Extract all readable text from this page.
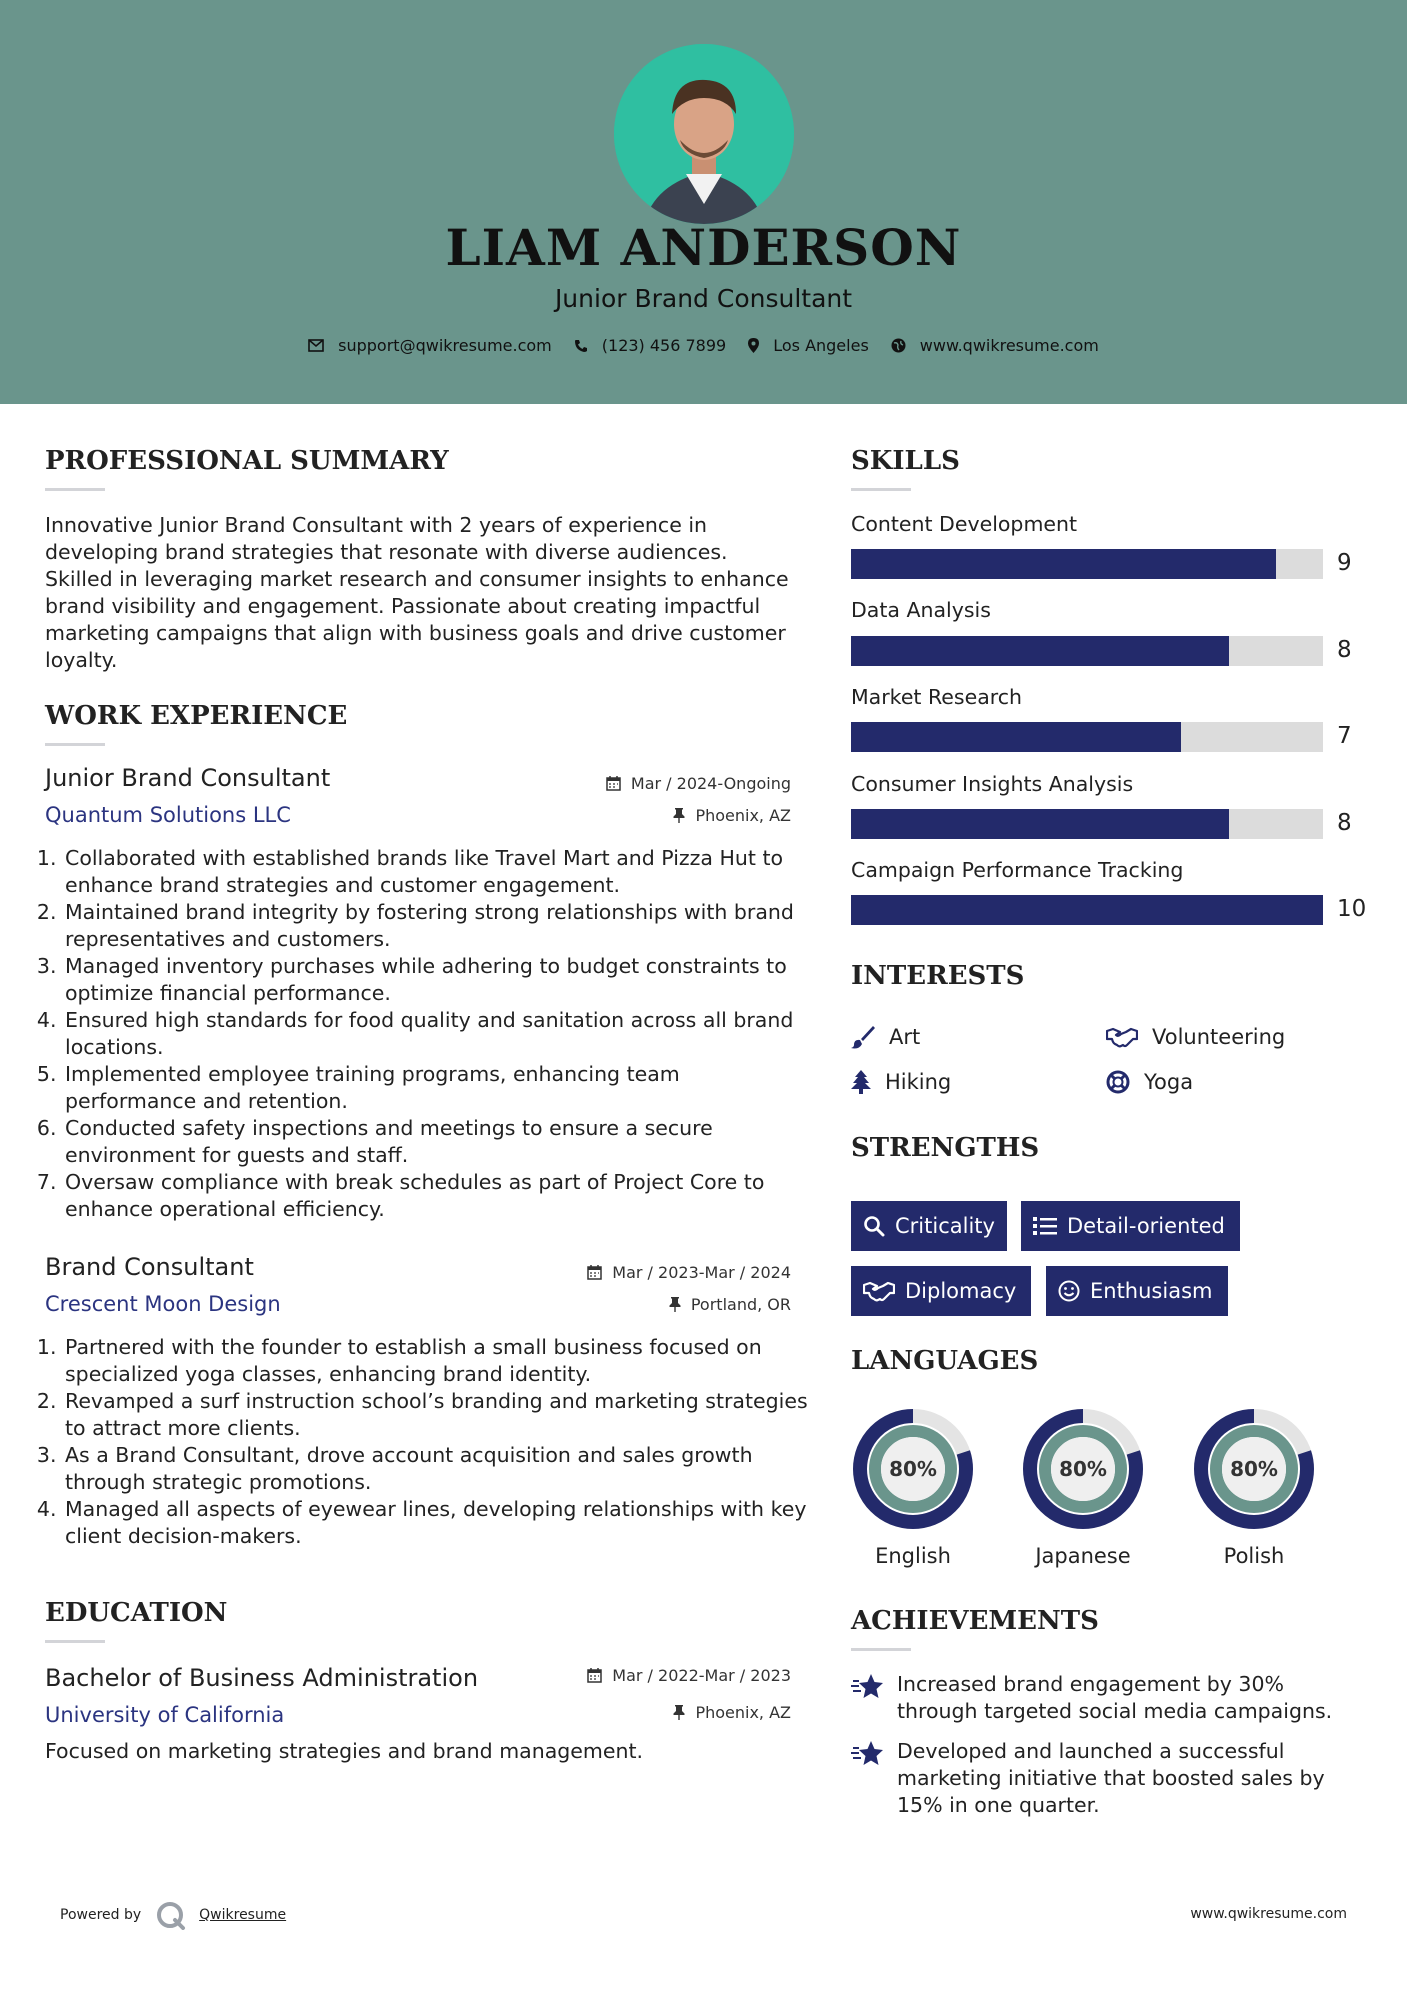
LIAM ANDERSON
Junior Brand Consultant
support@qwikresume.com	(123) 456 7899	Los Angeles	www.qwikresume.com
PROFESSIONAL SUMMARY
Innovative Junior Brand Consultant with 2 years of experience in developing brand strategies that resonate with diverse audiences. Skilled in leveraging market research and consumer insights to enhance brand visibility and engagement. Passionate about creating impactful marketing campaigns that align with business goals and drive customer loyalty.
WORK EXPERIENCE
Junior Brand Consultant	Mar / 2024-Ongoing
Quantum Solutions LLC	Phoenix, AZ
1. Collaborated with established brands like Travel Mart and Pizza Hut to enhance brand strategies and customer engagement.
2. Maintained brand integrity by fostering strong relationships with brand representatives and customers.
3. Managed inventory purchases while adhering to budget constraints to optimize financial performance.
4. Ensured high standards for food quality and sanitation across all brand locations.
5. Implemented employee training programs, enhancing team performance and retention.
6. Conducted safety inspections and meetings to ensure a secure environment for guests and staff.
7. Oversaw compliance with break schedules as part of Project Core to enhance operational efficiency.
Brand Consultant	Mar / 2023-Mar / 2024
Crescent Moon Design	Portland, OR
1. Partnered with the founder to establish a small business focused on specialized yoga classes, enhancing brand identity.
2. Revamped a surf instruction school’s branding and marketing strategies to attract more clients.
3. As a Brand Consultant, drove account acquisition and sales growth through strategic promotions.
4. Managed all aspects of eyewear lines, developing relationships with key client decision-makers.
EDUCATION
Bachelor of Business Administration	Mar / 2022-Mar / 2023
University of California	Phoenix, AZ
Focused on marketing strategies and brand management.
SKILLS
Content Development
9
Data Analysis
8
Market Research
7
Consumer Insights Analysis
8
Campaign Performance Tracking
10
INTERESTS
Art	Volunteering
Hiking	Yoga
STRENGTHS
Criticality	Detail-oriented
Diplomacy	Enthusiasm
LANGUAGES
80%
English
80%
Japanese
80%
Polish
ACHIEVEMENTS
Increased brand engagement by 30% through targeted social media campaigns.
Developed and launched a successful marketing initiative that boosted sales by 15% in one quarter.
Powered by	Qwikresume	www.qwikresume.com
